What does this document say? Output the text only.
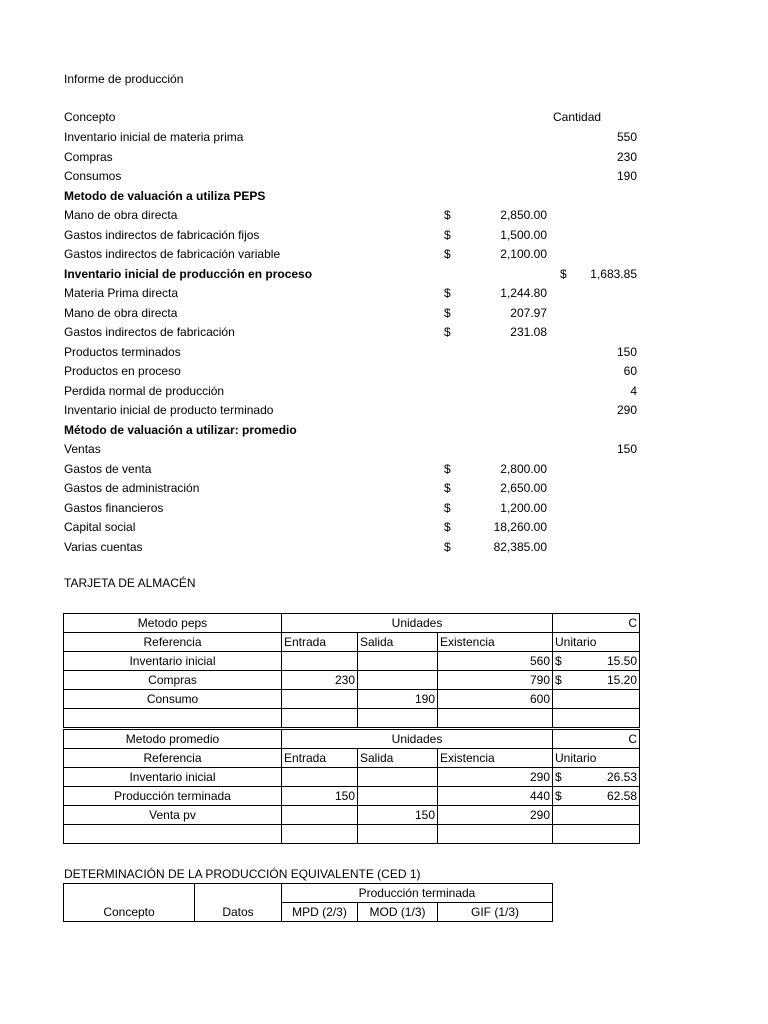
Informe de producción
Concepto	Cantidad
Inventario inicial de materia prima	550
Compras	230
Consumos	190
Metodo de valuación a utiliza PEPS
Mano de obra directa	$	2,850.00
Gastos indirectos de fabricación fijos	$	1,500.00
Gastos indirectos de fabricación variable	$	2,100.00
Inventario inicial de producción en proceso	$ 1,683.85
Materia Prima directa	$	1,244.80
Mano de obra directa	$	207.97
Gastos indirectos de fabricación	$	231.08
Productos terminados	150
Productos en proceso	60
Perdida normal de producción	4
Inventario inicial de producto terminado	290
Método de valuación a utilizar: promedio
Ventas	150
Gastos de venta	$	2,800.00
Gastos de administración	$	2,650.00
Gastos financieros	$	1,200.00
Capital social	$	18,260.00
Varias cuentas	$	82,385.00
TARJETA DE ALMACÉN
Metodo peps	Unidades			C
Referencia	Entrada	Salida	Existencia	Unitario
Inventario inicial			560	$ 15.50

Compras	230		790	$ 15.20

Consumo		190	600	

Metodo promedio	Unidades			C
Referencia	Entrada	Salida	Existencia	Unitario
Inventario inicial			290	$ 26.53

Producción terminada	150		440	$ 62.58

Venta pv		150	290	

DETERMINACIÓN DE LA PRODUCCIÓN EQUIVALENTE (CED 1)
Concepto	Datos	Producción terminada		
		MPD (2/3)	MOD (1/3)	GIF (1/3)
